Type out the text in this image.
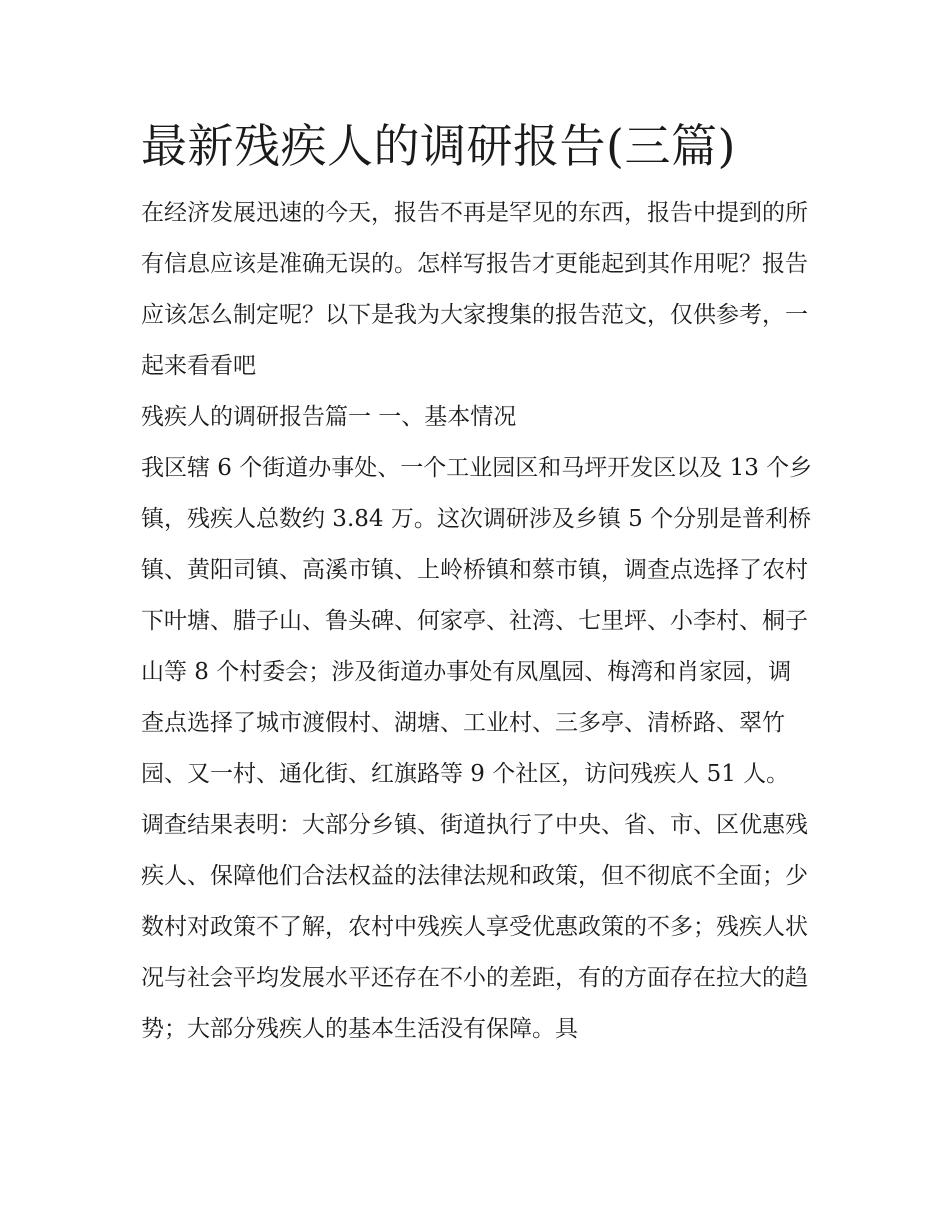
最新残疾人的调研报告(三篇)

在经济发展迅速的今天，报告不再是罕见的东西，报告中提到的所有信息应该是准确无误的。怎样写报告才更能起到其作用呢？报告应该怎么制定呢？以下是我为大家搜集的报告范文，仅供参考，一起来看看吧

残疾人的调研报告篇一 一、基本情况

我区辖 6 个街道办事处、一个工业园区和马坪开发区以及 13 个乡镇，残疾人总数约 3.84 万。这次调研涉及乡镇 5 个分别是普利桥镇、黄阳司镇、高溪市镇、上岭桥镇和蔡市镇，调查点选择了农村下叶塘、腊子山、鲁头碑、何家亭、社湾、七里坪、小李村、桐子山等 8 个村委会；涉及街道办事处有凤凰园、梅湾和肖家园，调查点选择了城市渡假村、湖塘、工业村、三多亭、清桥路、翠竹园、又一村、通化街、红旗路等 9 个社区，访问残疾人 51 人。

调查结果表明：大部分乡镇、街道执行了中央、省、市、区优惠残疾人、保障他们合法权益的法律法规和政策，但不彻底不全面；少数村对政策不了解，农村中残疾人享受优惠政策的不多；残疾人状况与社会平均发展水平还存在不小的差距，有的方面存在拉大的趋势；大部分残疾人的基本生活没有保障。具
